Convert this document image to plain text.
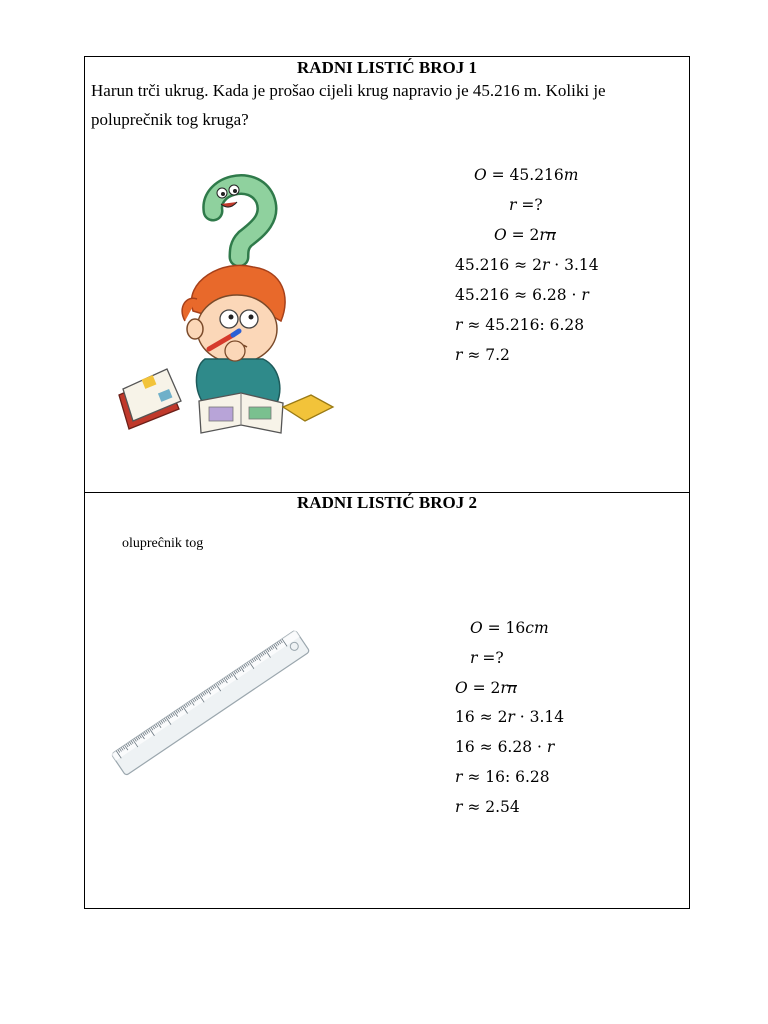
RADNI LISTIĆ BROJ 1
Harun trči ukrug. Kada je prošao cijeli krug napravio je 45.216 m. Koliki je
poluprečnik tog kruga?
𝑂 = 45.216𝑚
𝑟 =?
𝑂 = 2𝑟𝜋
45.216 ≈ 2𝑟 · 3.14
45.216 ≈ 6.28 · 𝑟
𝑟 ≈ 45.216: 6.28
𝑟 ≈ 7.2
RADNI LISTIĆ BROJ 2
olupreĉnik tog
𝑂 = 16𝑐𝑚
𝑟 =?
𝑂 = 2𝑟𝜋
16 ≈ 2𝑟 · 3.14
16 ≈ 6.28 · 𝑟
𝑟 ≈ 16: 6.28
𝑟 ≈ 2.54
